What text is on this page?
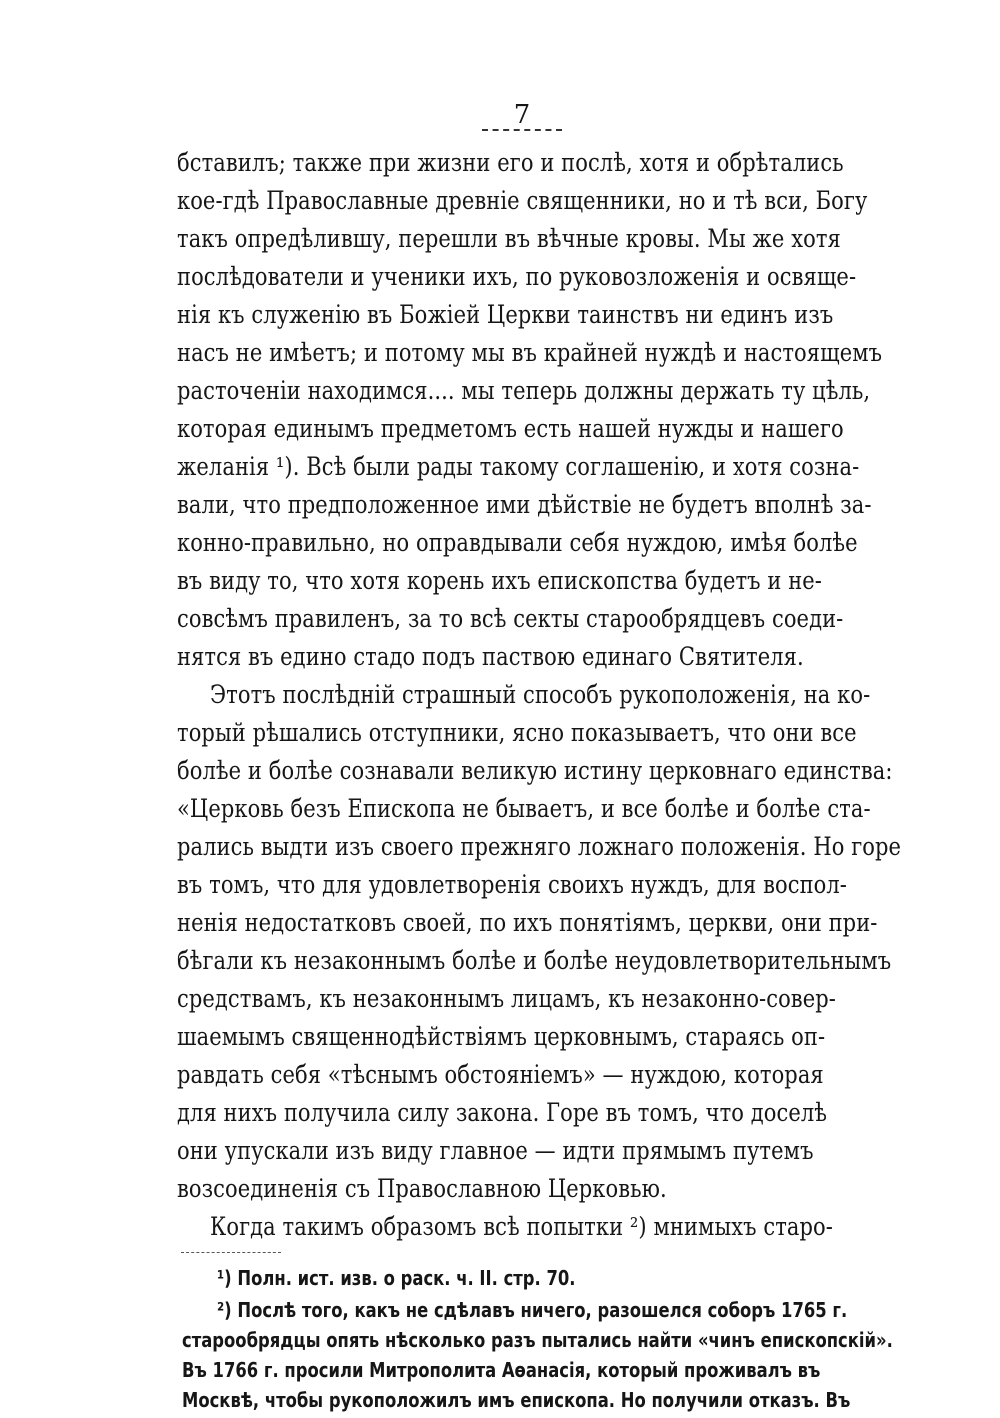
7
бставилъ; также при жизни его и послѣ, хотя и обрѣтались
кое-гдѣ Православные древніе священники, но и тѣ вси, Богу
такъ опредѣлившу, перешли въ вѣчные кровы. Мы же хотя
послѣдователи и ученики ихъ, по руковозложенія и освяще-
нія къ служенію въ Божіей Церкви таинствъ ни единъ изъ
насъ не имѣетъ; и потому мы въ крайней нуждѣ и настоящемъ
расточеніи находимся.... мы теперь должны держать ту цѣль,
которая единымъ предметомъ есть нашей нужды и нашего
желанія ¹). Всѣ были рады такому соглашенію, и хотя сознa-
вали, что предположенное ими дѣйствіе не будетъ вполнѣ за-
конно-правильно, но оправдывали себя нуждою, имѣя болѣе
въ виду то, что хотя корень ихъ епископства будетъ и не-
совсѣмъ правиленъ, за то всѣ секты старообрядцевъ соеди-
нятся въ едино стадо подъ паствою единаго Святителя.
Этотъ послѣдній страшный способъ рукоположенія, на ко-
торый рѣшались отступники, ясно показываетъ, что они все
болѣе и болѣе сознавали великую истину церковнаго единства:
«Церковь безъ Епископа не бываетъ, и все болѣе и болѣе ста-
рались выдти изъ своего прежняго ложнаго положенія. Но горе
въ томъ, что для удовлетворенія своихъ нуждъ, для воспол-
ненія недостатковъ своей, по ихъ понятіямъ, церкви, они при-
бѣгали къ незаконнымъ болѣе и болѣе неудовлетворительнымъ
средствамъ, къ незаконнымъ лицамъ, къ незаконно-совер-
шаемымъ священнодѣйствіямъ церковнымъ, стараясь оп-
равдать себя «тѣснымъ обстояніемъ» — нуждою, которая
для нихъ получила силу закона. Горе въ томъ, что доселѣ
они упускали изъ виду главное — идти прямымъ путемъ
возсоединенія съ Православною Церковью.
Когда такимъ образомъ всѣ попытки ²) мнимыхъ старо-
¹) Полн. ист. изв. о раск. ч. II. стр. 70.
²) Послѣ того, какъ не сдѣлавъ ничего, разошелся соборъ 1765 г.
старообрядцы опять нѣсколько разъ пытались найти «чинъ епископскій».
Въ 1766 г. просили Митрополита Аѳанасія, который проживалъ въ
Москвѣ, чтобы рукоположилъ имъ епископа. Но получили отказъ. Въ
